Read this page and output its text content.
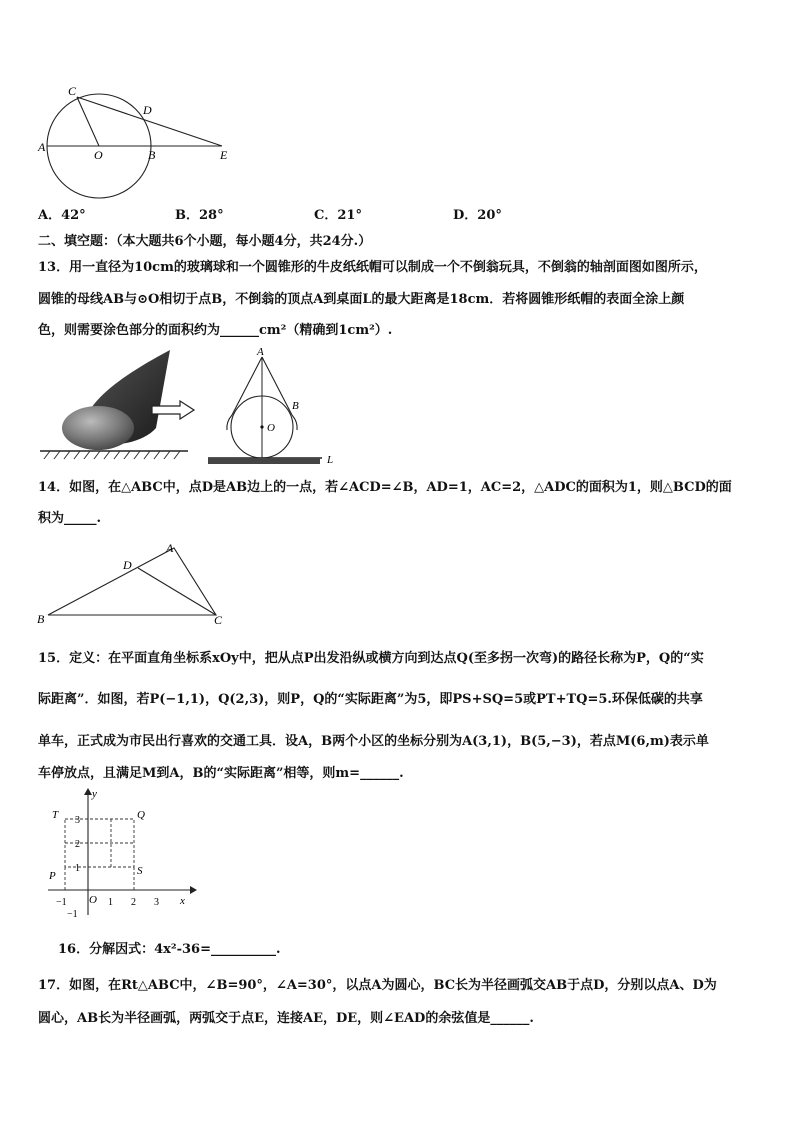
C
D
A
O	B	E
A．42°	B．28°	C．21°	D．20°
二、填空题：（本大题共6个小题，每小题4分，共24分.）
13．用一直径为10cm的玻璃球和一个圆锥形的牛皮纸纸帽可以制成一个不倒翁玩具，不倒翁的轴剖面图如图所示，
圆锥的母线AB与⊙O相切于点B，不倒翁的顶点A到桌面L的最大距离是18cm．若将圆锥形纸帽的表面全涂上颜
色，则需要涂色部分的面积约为______cm²（精确到1cm²）.
A
B
O
L
14．如图，在△ABC中，点D是AB边上的一点，若∠ACD=∠B，AD=1，AC=2，△ADC的面积为1，则△BCD的面
积为_____.
A
D
B	C
15．定义：在平面直角坐标系xOy中，把从点P出发沿纵或横方向到达点Q(至多拐一次弯)的路径长称为P，Q的“实
际距离”．如图，若P(−1,1)，Q(2,3)，则P，Q的“实际距离”为5，即PS+SQ=5或PT+TQ=5.环保低碳的共享
单车，正式成为市民出行喜欢的交通工具．设A，B两个小区的坐标分别为A(3,1)，B(5,−3)，若点M(6,m)表示单
车停放点，且满足M到A，B的“实际距离”相等，则m=______.
y
x
O
T	Q
P	S
3
2
1
−1
−1	1 2 3
16．分解因式：4x²-36=__________.
17．如图，在Rt△ABC中，∠B=90°，∠A=30°，以点A为圆心，BC长为半径画弧交AB于点D，分别以点A、D为
圆心，AB长为半径画弧，两弧交于点E，连接AE，DE，则∠EAD的余弦值是______.
